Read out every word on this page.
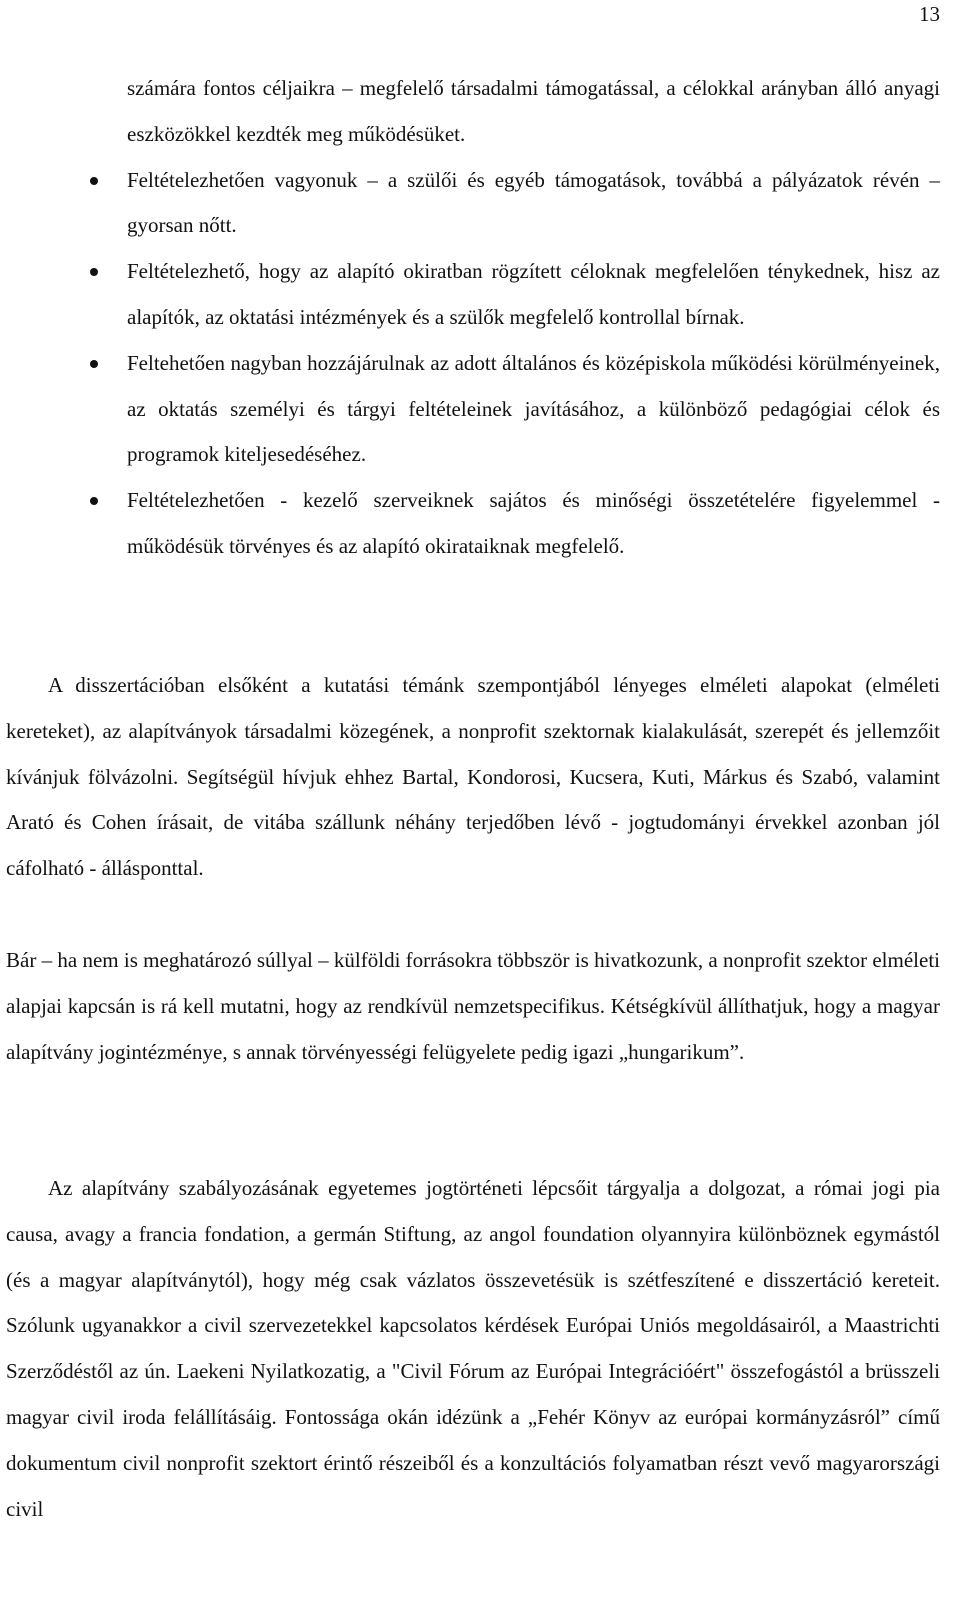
13
számára fontos céljaikra – megfelelő társadalmi támogatással, a célokkal arányban álló anyagi eszközökkel kezdték meg működésüket.
Feltételezhetően vagyonuk – a szülői és egyéb támogatások, továbbá a pályázatok révén – gyorsan nőtt.
Feltételezhető, hogy az alapító okiratban rögzített céloknak megfelelően ténykednek, hisz az alapítók, az oktatási intézmények és a szülők megfelelő kontrollal bírnak.
Feltehetően nagyban hozzájárulnak az adott általános és középiskola működési körülményeinek, az oktatás személyi és tárgyi feltételeinek javításához, a különböző pedagógiai célok és programok kiteljesedéséhez.
Feltételezhetően - kezelő szerveiknek sajátos és minőségi összetételére figyelemmel - működésük törvényes és az alapító okirataiknak megfelelő.

A disszertációban elsőként a kutatási témánk szempontjából lényeges elméleti alapokat (elméleti kereteket), az alapítványok társadalmi közegének, a nonprofit szektornak kialakulását, szerepét és jellemzőit kívánjuk fölvázolni. Segítségül hívjuk ehhez Bartal, Kondorosi, Kucsera, Kuti, Márkus és Szabó, valamint Arató és Cohen írásait, de vitába szállunk néhány terjedőben lévő - jogtudományi érvekkel azonban jól cáfolható - állásponttal.

Bár – ha nem is meghatározó súllyal – külföldi forrásokra többször is hivatkozunk, a nonprofit szektor elméleti alapjai kapcsán is rá kell mutatni, hogy az rendkívül nemzetspecifikus. Kétségkívül állíthatjuk, hogy a magyar alapítvány jogintézménye, s annak törvényességi felügyelete pedig igazi „hungarikum”.

Az alapítvány szabályozásának egyetemes jogtörténeti lépcsőit tárgyalja a dolgozat, a római jogi pia causa, avagy a francia fondation, a germán Stiftung, az angol foundation olyannyira különböznek egymástól (és a magyar alapítványtól), hogy még csak vázlatos összevetésük is szétfeszítené e disszertáció kereteit. Szólunk ugyanakkor a civil szervezetekkel kapcsolatos kérdések Európai Uniós megoldásairól, a Maastrichti Szerződéstől az ún. Laekeni Nyilatkozatig, a "Civil Fórum az Európai Integrációért" összefogástól a brüsszeli magyar civil iroda felállításáig. Fontossága okán idézünk a „Fehér Könyv az európai kormányzásról” című dokumentum civil nonprofit szektort érintő részeiből és a konzultációs folyamatban részt vevő magyarországi civil
